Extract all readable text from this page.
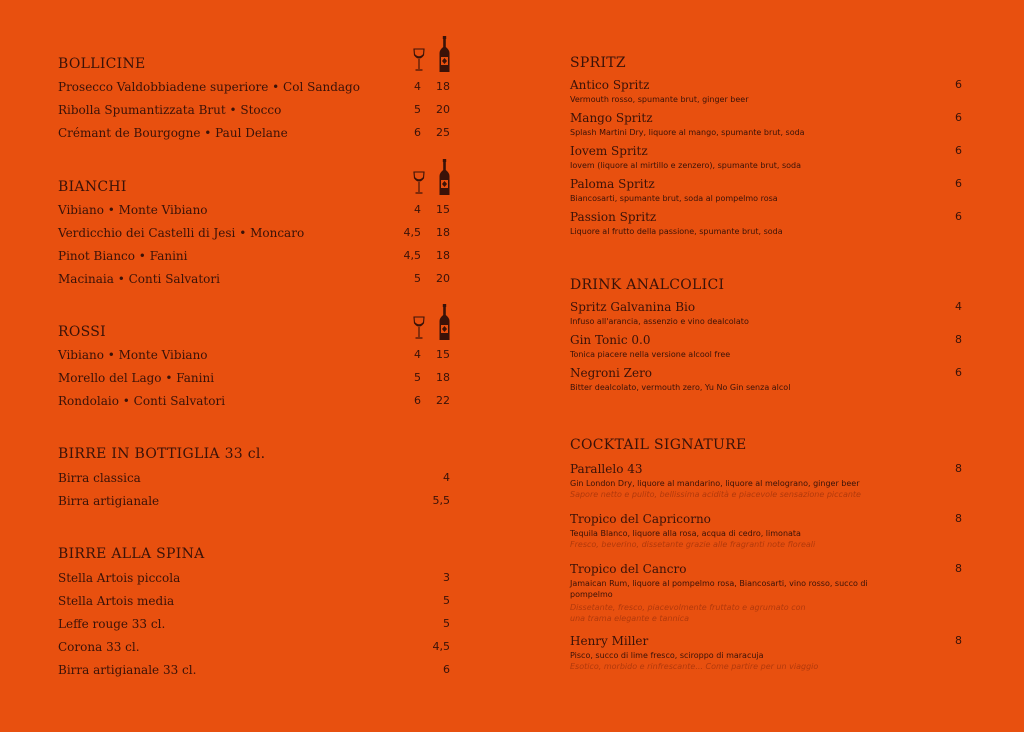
BOLLICINE
Prosecco Valdobbiadene superiore • Col Sandago	4	18
Ribolla Spumantizzata Brut • Stocco	5	20
Crémant de Bourgogne • Paul Delane	6	25
BIANCHI
Vibiano • Monte Vibiano	4	15
Verdicchio dei Castelli di Jesi • Moncaro	4,5	18
Pinot Bianco • Fanini	4,5	18
Macinaia • Conti Salvatori	5	20
ROSSI
Vibiano • Monte Vibiano	4	15
Morello del Lago • Fanini	5	18
Rondolaio • Conti Salvatori	6	22
BIRRE IN BOTTIGLIA 33 cl.
Birra classica	4
Birra artigianale	5,5
BIRRE ALLA SPINA
Stella Artois piccola	3
Stella Artois media	5
Leffe rouge 33 cl.	5
Corona 33 cl.	4,5
Birra artigianale 33 cl.	6
SPRITZ
Antico Spritz	6
Vermouth rosso, spumante brut, ginger beer
Mango Spritz	6
Splash Martini Dry, liquore al mango, spumante brut, soda
Iovem Spritz	6
Iovem (liquore al mirtillo e zenzero), spumante brut, soda
Paloma Spritz	6
Biancosarti, spumante brut, soda al pompelmo rosa
Passion Spritz	6
Liquore al frutto della passione, spumante brut, soda
DRINK ANALCOLICI
Spritz Galvanina Bio	4
Infuso all'arancia, assenzio e vino dealcolato
Gin Tonic 0.0	8
Tonica piacere nella versione alcool free
Negroni Zero	6
Bitter dealcolato, vermouth zero, Yu No Gin senza alcol
COCKTAIL SIGNATURE
Parallelo 43	8
Gin London Dry, liquore al mandarino, liquore al melograno, ginger beer
Sapore netto e pulito, bellissima acidità e piacevole sensazione piccante
Tropico del Capricorno	8
Tequila Blanco, liquore alla rosa, acqua di cedro, limonata
Fresco, beverino, dissetante grazie alle fragranti note floreali
Tropico del Cancro	8
Jamaican Rum, liquore al pompelmo rosa, Biancosarti, vino rosso, succo di pompelmo
Dissetante, fresco, piacevolmente fruttato e agrumato con una trama elegante e tannica
Henry Miller	8
Pisco, succo di lime fresco, sciroppo di maracuja
Esotico, morbido e rinfrescante... Come partire per un viaggio
